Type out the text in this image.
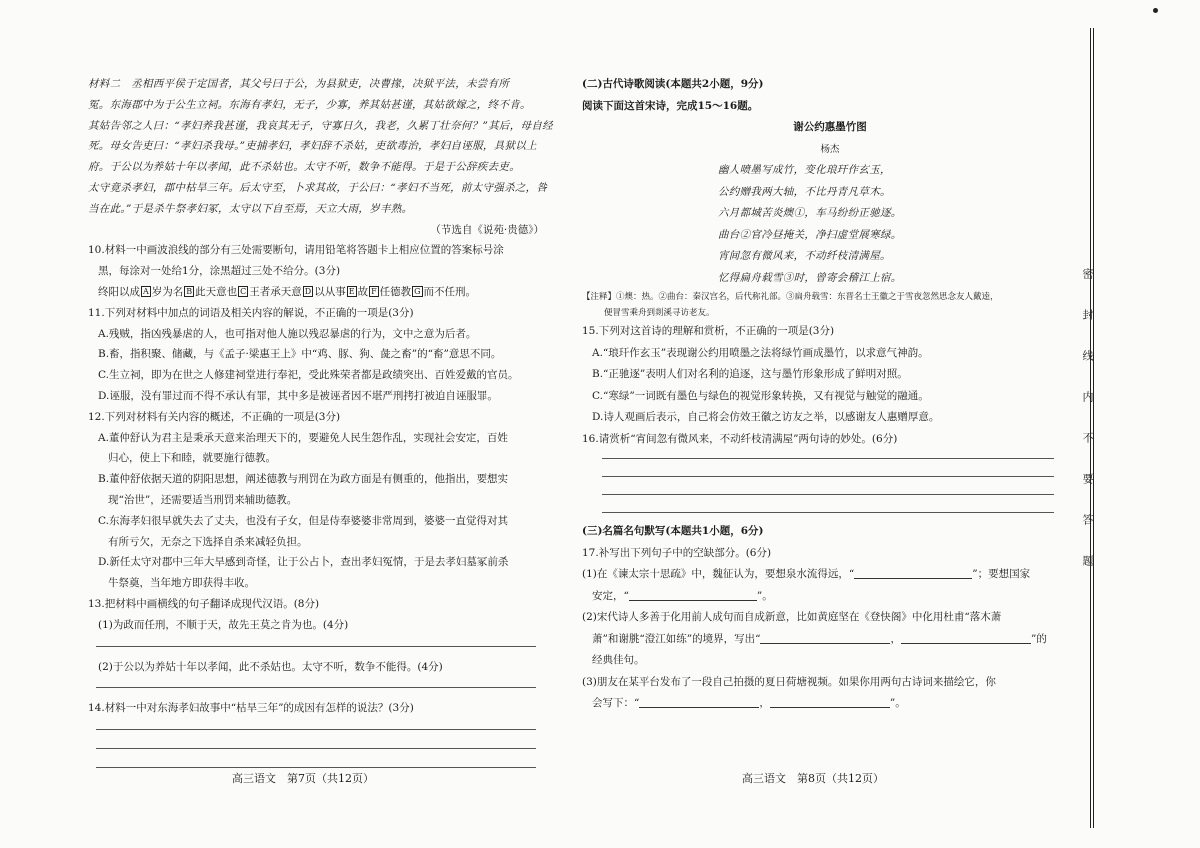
材料二　丞相西平侯于定国者，其父号曰于公，为县狱吏，决曹掾，决狱平法，未尝有所

冤。东海郡中为于公生立祠。东海有孝妇，无子，少寡，养其姑甚谨，其姑欲嫁之，终不肯。

其姑告邻之人曰：“孝妇养我甚谨，我哀其无子，守寡日久，我老，久累丁壮奈何？”其后，母自经

死。母女告吏曰：“孝妇杀我母。”吏捕孝妇，孝妇辞不杀姑，吏欲毒治，孝妇自诬服，具狱以上

府。于公以为养姑十年以孝闻，此不杀姑也。太守不听，数争不能得。于是于公辞疾去吏。

太守竟杀孝妇，郡中枯旱三年。后太守至，卜求其故，于公曰：“孝妇不当死，前太守强杀之，咎

当在此。”于是杀牛祭孝妇冢，太守以下自至焉，天立大雨，岁丰熟。

（节选自《说苑·贵德》）

10.材料一中画波浪线的部分有三处需要断句，请用铅笔将答题卡上相应位置的答案标号涂

黑，每涂对一处给1分，涂黑超过三处不给分。(3分)

终阳以成 A 岁为名 B 此天意也 C 王者承天意 D 以从事 E 故 F 任德教 G 而不任刑。

11.下列对材料中加点的词语及相关内容的解说，不正确的一项是(3分)

A.残贼，指凶残暴虐的人，也可指对他人施以残忍暴虐的行为，文中之意为后者。

B.畜，指积聚、储藏，与《孟子·梁惠王上》中“鸡、豚、狗、彘之畜”的“畜”意思不同。

C.生立祠，即为在世之人修建祠堂进行奉祀，受此殊荣者都是政绩突出、百姓爱戴的官员。

D.诬服，没有罪过而不得不承认有罪，其中多是被诬者因不堪严刑拷打被迫自诬服罪。

12.下列对材料有关内容的概述，不正确的一项是(3分)

A.董仲舒认为君主是秉承天意来治理天下的，要避免人民生怨作乱，实现社会安定，百姓

归心，使上下和睦，就要施行德教。

B.董仲舒依据天道的阴阳思想，阐述德教与刑罚在为政方面是有侧重的，他指出，要想实

现“治世”，还需要适当刑罚来辅助德教。

C.东海孝妇很早就失去了丈夫，也没有子女，但是侍奉婆婆非常周到，婆婆一直觉得对其

有所亏欠，无奈之下选择自杀来减轻负担。

D.新任太守对郡中三年大旱感到奇怪，让于公占卜，查出孝妇冤情，于是去孝妇墓冢前杀

牛祭奠，当年地方即获得丰收。

13.把材料中画横线的句子翻译成现代汉语。(8分)

(1)为政而任刑，不顺于天，故先王莫之肯为也。(4分)

(2)于公以为养姑十年以孝闻，此不杀姑也。太守不听，数争不能得。(4分)

14.材料一中对东海孝妇故事中“枯旱三年”的成因有怎样的说法？(3分)

高三语文　第7页（共12页）

(二)古代诗歌阅读(本题共2小题，9分)

阅读下面这首宋诗，完成15～16题。

谢公约惠墨竹图

杨杰

幽人喷墨写成竹，变化琅玕作玄玉，

公约赠我两大轴，不比丹青凡草木。

六月都城苦炎燠①，车马纷纷正驰逐。

曲台②官冷昼掩关，净扫虚堂展寒绿。

宵间忽有微风来，不动纤枝清满屋。

忆得扁舟载雪③时，曾寄会稽江上宿。

【注释】①燠：热。②曲台：秦汉宫名，后代称礼部。③扁舟载雪：东晋名士王徽之于雪夜忽然思念友人戴逵，

便冒雪乘舟到剡溪寻访老友。

15.下列对这首诗的理解和赏析，不正确的一项是(3分)

A.“琅玕作玄玉”表现谢公约用喷墨之法将绿竹画成墨竹，以求意气神韵。

B.“正驰逐”表明人们对名利的追逐，这与墨竹形象形成了鲜明对照。

C.“寒绿”一词既有墨色与绿色的视觉形象转换，又有视觉与触觉的融通。

D.诗人观画后表示，自己将会仿效王徽之访友之举，以感谢友人惠赠厚意。

16.请赏析“宵间忽有微风来，不动纤枝清满屋”两句诗的妙处。(6分)

(三)名篇名句默写(本题共1小题，6分)

17.补写出下列句子中的空缺部分。(6分)

(1)在《谏太宗十思疏》中，魏征认为，要想泉水流得远，“	”；要想国家

安定，“	”。

(2)宋代诗人多善于化用前人成句而自成新意，比如黄庭坚在《登快阁》中化用杜甫“落木萧

萧”和谢朓“澄江如练”的境界，写出“	，	”的

经典佳句。

(3)朋友在某平台发布了一段自己拍摄的夏日荷塘视频。如果你用两句古诗词来描绘它，你

会写下：“	，	”。

高三语文　第8页（共12页）
密封线内不要答题
